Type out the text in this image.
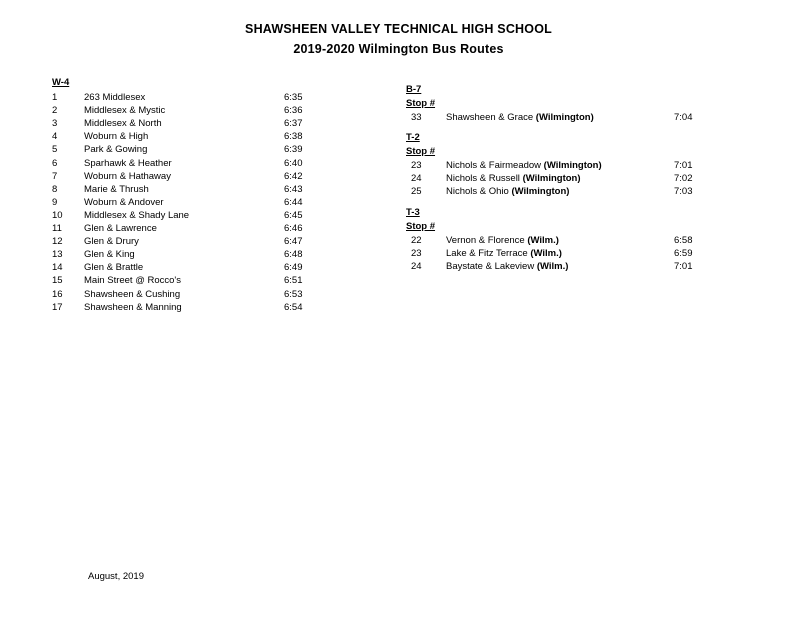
SHAWSHEEN VALLEY TECHNICAL HIGH SCHOOL
2019-2020 Wilmington Bus Routes
W-4
1	263 Middlesex	6:35
2	Middlesex & Mystic	6:36
3	Middlesex & North	6:37
4	Woburn & High	6:38
5	Park & Gowing	6:39
6	Sparhawk & Heather	6:40
7	Woburn & Hathaway	6:42
8	Marie & Thrush	6:43
9	Woburn & Andover	6:44
10	Middlesex & Shady Lane	6:45
11	Glen & Lawrence	6:46
12	Glen & Drury	6:47
13	Glen & King	6:48
14	Glen & Brattle	6:49
15	Main Street @ Rocco's	6:51
16	Shawsheen & Cushing	6:53
17	Shawsheen & Manning	6:54
B-7
Stop #
33	Shawsheen & Grace (Wilmington)	7:04
T-2
Stop #
23	Nichols & Fairmeadow (Wilmington)	7:01
24	Nichols & Russell (Wilmington)	7:02
25	Nichols & Ohio (Wilmington)	7:03
T-3
Stop #
22	Vernon & Florence (Wilm.)	6:58
23	Lake & Fitz Terrace (Wilm.)	6:59
24	Baystate & Lakeview (Wilm.)	7:01
August, 2019
